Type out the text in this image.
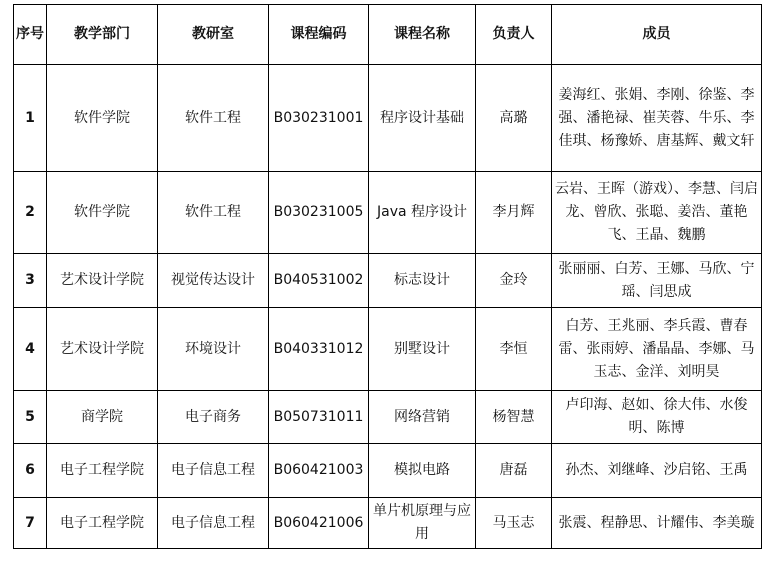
序号	教学部门	教研室	课程编码	课程名称	负责人	成员
1	软件学院	软件工程	B030231001	程序设计基础	高璐	姜海红、张娟、李刚、徐鉴、李强、潘艳禄、崔芙蓉、牛乐、李佳琪、杨豫娇、唐基辉、戴文轩
2	软件学院	软件工程	B030231005	Java 程序设计	李月辉	云岩、王晖（游戏）、李慧、闫启龙、曾欣、张聪、姜浩、董艳飞、王晶、魏鹏
3	艺术设计学院	视觉传达设计	B040531002	标志设计	金玲	张丽丽、白芳、王娜、马欣、宁瑶、闫思成
4	艺术设计学院	环境设计	B040331012	别墅设计	李恒	白芳、王兆丽、李兵霞、曹春雷、张雨婷、潘晶晶、李娜、马玉志、金洋、刘明昊
5	商学院	电子商务	B050731011	网络营销	杨智慧	卢印海、赵如、徐大伟、水俊明、陈博
6	电子工程学院	电子信息工程	B060421003	模拟电路	唐磊	孙杰、刘继峰、沙启铭、王禹
7	电子工程学院	电子信息工程	B060421006	单片机原理与应用	马玉志	张震、程静思、计耀伟、李美璇
